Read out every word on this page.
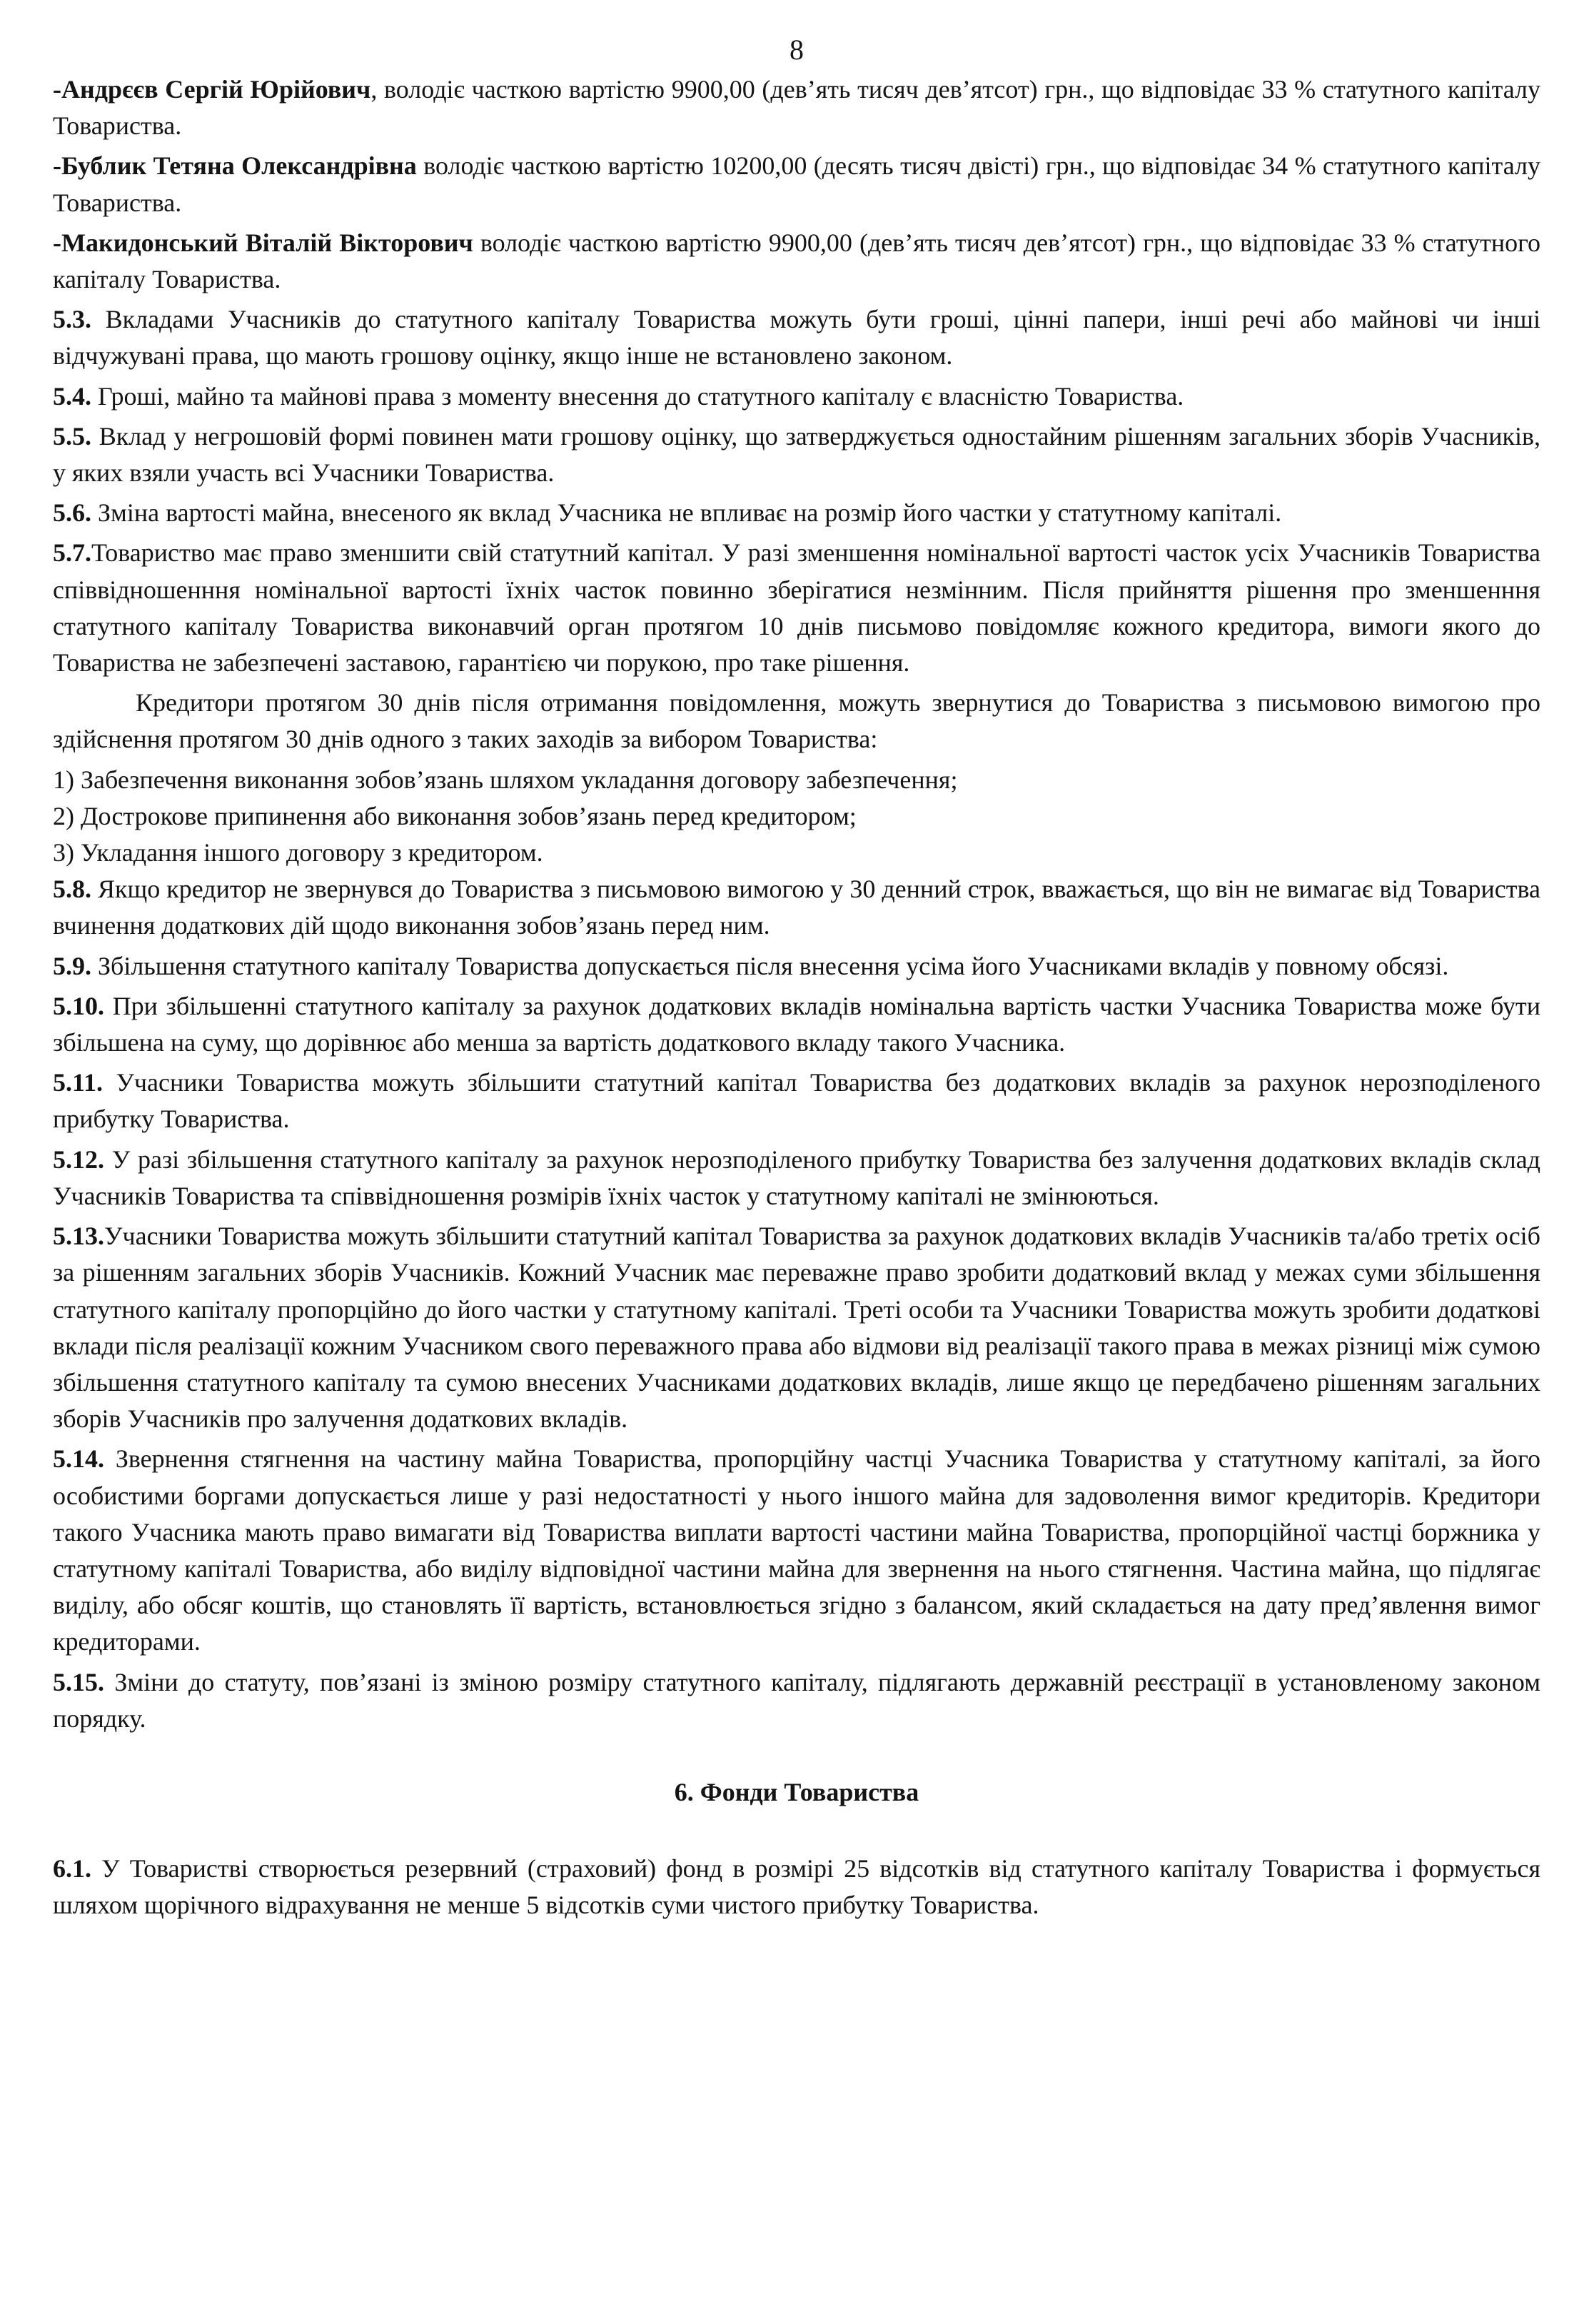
8

-Андрєєв Сергій Юрійович, володіє часткою вартістю 9900,00 (дев’ять тисяч дев’ятсот) грн., що відповідає 33 % статутного капіталу Товариства.

-Бублик Тетяна Олександрівна володіє часткою вартістю 10200,00 (десять тисяч двісті) грн., що відповідає 34 % статутного капіталу Товариства.

-Макидонський Віталій Вікторович володіє часткою вартістю 9900,00 (дев’ять тисяч дев’ятсот) грн., що відповідає 33 % статутного капіталу Товариства.

5.3. Вкладами Учасників до статутного капіталу Товариства можуть бути гроші, цінні папери, інші речі або майнові чи інші відчужувані права, що мають грошову оцінку, якщо інше не встановлено законом.

5.4. Гроші, майно та майнові права з моменту внесення до статутного капіталу є власністю Товариства.

5.5. Вклад у негрошовій формі повинен мати грошову оцінку, що затверджується одностайним рішенням загальних зборів Учасників, у яких взяли участь всі Учасники Товариства.

5.6. Зміна вартості майна, внесеного як вклад Учасника не впливає на розмір його частки у статутному капіталі.

5.7.Товариство має право зменшити свій статутний капітал. У разі зменшення номінальної вартості часток усіх Учасників Товариства співвідношенння номінальної вартості їхніх часток повинно зберігатися незмінним. Після прийняття рішення про зменшенння статутного капіталу Товариства виконавчий орган протягом 10 днів письмово повідомляє кожного кредитора, вимоги якого до Товариства не забезпечені заставою, гарантією чи порукою, про таке рішення.

Кредитори протягом 30 днів після отримання повідомлення, можуть звернутися до Товариства з письмовою вимогою про здійснення протягом 30 днів одного з таких заходів за вибором Товариства:

1) Забезпечення виконання зобов’язань шляхом укладання договору забезпечення;

2) Дострокове припинення або виконання зобов’язань перед кредитором;

3) Укладання іншого договору з кредитором.

5.8. Якщо кредитор не звернувся до Товариства з письмовою вимогою у 30 денний строк, вважається, що він не вимагає від Товариства вчинення додаткових дій щодо виконання зобов’язань перед ним.

5.9. Збільшення статутного капіталу Товариства допускається після внесення усіма його Учасниками вкладів у повному обсязі.

5.10. При збільшенні статутного капіталу за рахунок додаткових вкладів номінальна вартість частки Учасника Товариства може бути збільшена на суму, що дорівнює або менша за вартість додаткового вкладу такого Учасника.

5.11. Учасники Товариства можуть збільшити статутний капітал Товариства без додаткових вкладів за рахунок нерозподіленого прибутку Товариства.

5.12. У разі збільшення статутного капіталу за рахунок нерозподіленого прибутку Товариства без залучення додаткових вкладів склад Учасників Товариства та співвідношення розмірів їхніх часток у статутному капіталі не змінюються.

5.13.Учасники Товариства можуть збільшити статутний капітал Товариства за рахунок додаткових вкладів Учасників та/або третіх осіб за рішенням загальних зборів Учасників. Кожний Учасник має переважне право зробити додатковий вклад у межах суми збільшення статутного капіталу пропорційно до його частки у статутному капіталі. Треті особи та Учасники Товариства можуть зробити додаткові вклади після реалізації кожним Учасником свого переважного права або відмови від реалізації такого права в межах різниці між сумою збільшення статутного капіталу та сумою внесених Учасниками додаткових вкладів, лише якщо це передбачено рішенням загальних зборів Учасників про залучення додаткових вкладів.

5.14. Звернення стягнення на частину майна Товариства, пропорційну частці Учасника Товариства у статутному капіталі, за його особистими боргами допускається лише у разі недостатності у нього іншого майна для задоволення вимог кредиторів. Кредитори такого Учасника мають право вимагати від Товариства виплати вартості частини майна Товариства, пропорційної частці боржника у статутному капіталі Товариства, або виділу відповідної частини майна для звернення на нього стягнення. Частина майна, що підлягає виділу, або обсяг коштів, що становлять її вартість, встановлюється згідно з балансом, який складається на дату пред’явлення вимог кредиторами.

5.15. Зміни до статуту, пов’язані із зміною розміру статутного капіталу, підлягають державній реєстрації в установленому законом порядку.

6. Фонди Товариства

6.1. У Товаристві створюється резервний (страховий) фонд в розмірі 25 відсотків від статутного капіталу Товариства і формується шляхом щорічного відрахування не менше 5 відсотків суми чистого прибутку Товариства.
